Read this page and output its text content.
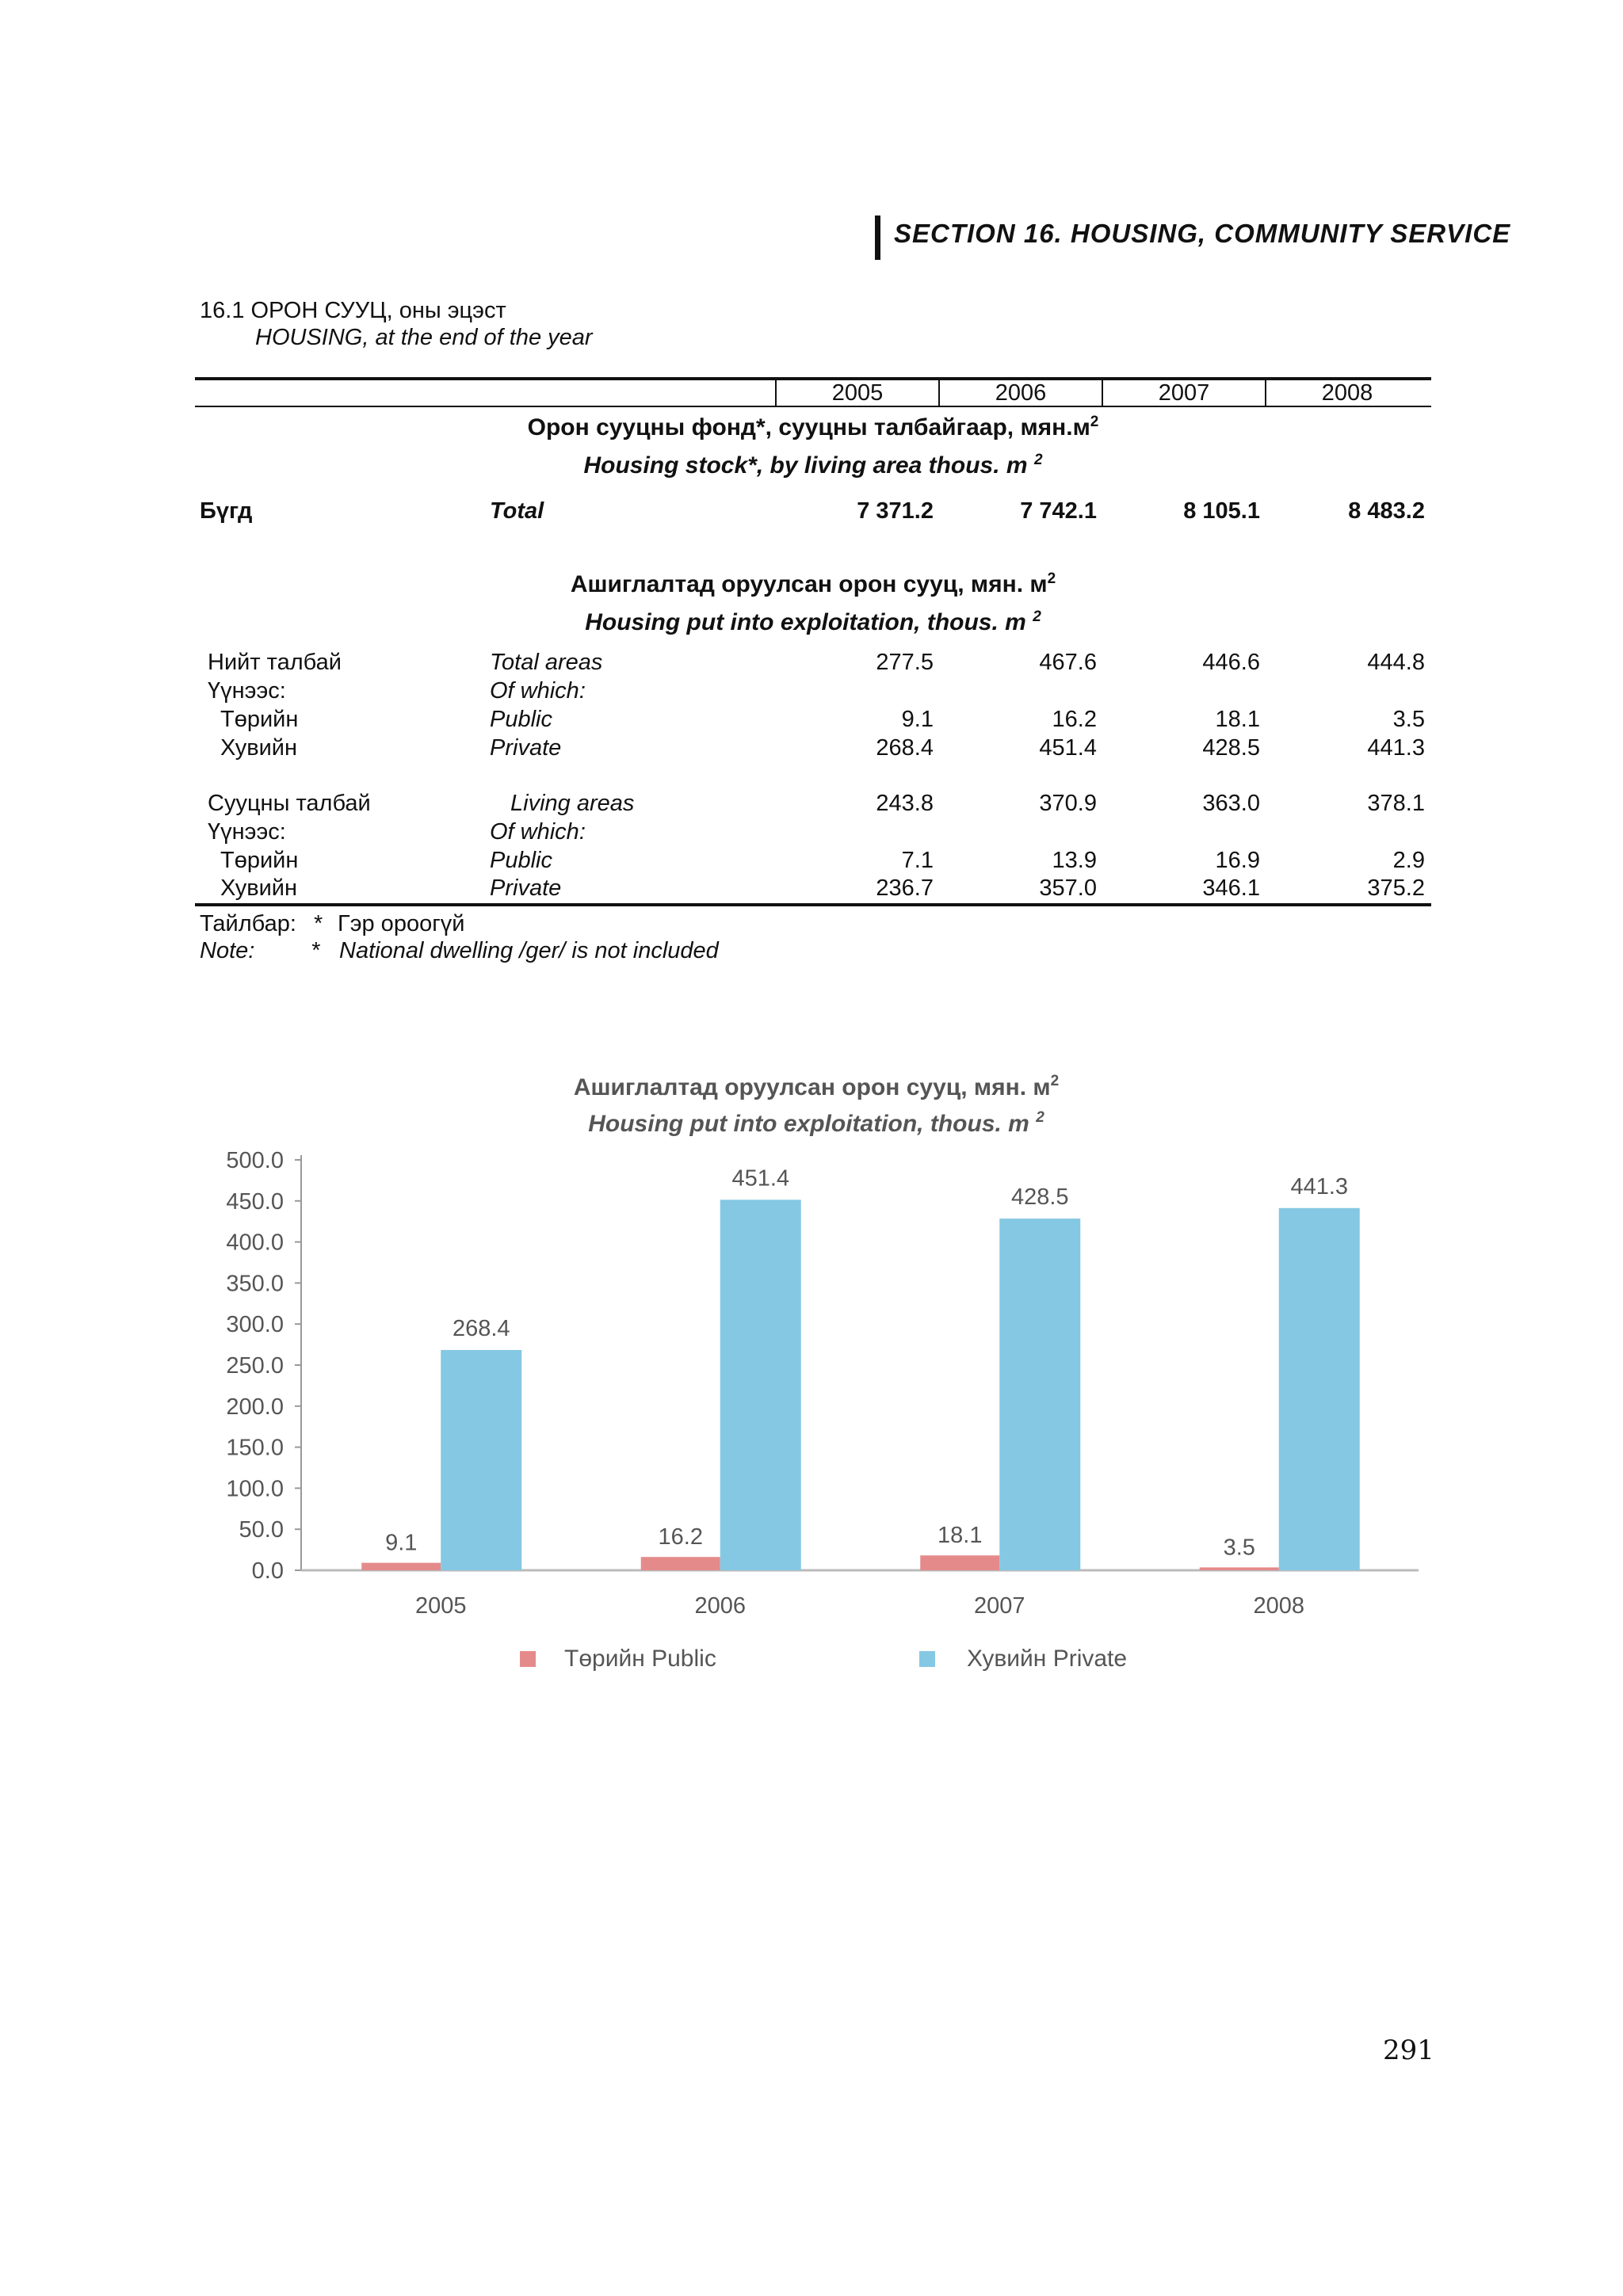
SECTION 16. HOUSING, COMMUNITY SERVICE
16.1 ОРОН СУУЦ, оны эцэст
HOUSING, at the end of the year
2005	2006	2007	2008
Орон сууцны фонд*, сууцны талбайгаар, $мян.м^2$
Housing stock*, by living area thous. m $^2$
Бүгд	Total	7 371.2	7 742.1	8 105.1	8 483.2
Ашиглалтад оруулсан орон сууц, мян. $м^2$
Housing put into exploitation, thous. m $^2$
Нийт талбай	Total areas	277.5	467.6	446.6	444.8
Үүнээс:	Of which:
Төрийн	Public	9.1	16.2	18.1	3.5
Хувийн	Private	268.4	451.4	428.5	441.3
Сууцны талбай	Living areas	243.8	370.9	363.0	378.1
Үүнээс:	Of which:
Төрийн	Public	7.1	13.9	16.9	2.9
Хувийн	Private	236.7	357.0	346.1	375.2
Тайлбар: * Гэр ороогүй
Note: * National dwelling /ger/ is not included
Ашиглалтад оруулсан орон сууц, мян. $м^2$
Housing put into exploitation, thous. m $^2$
0.0
50.0
100.0
150.0
200.0
250.0
300.0
350.0
400.0
450.0
500.0
9.1
268.4
2005
16.2
451.4
2006
18.1
428.5
2007
3.5
441.3
2008
Төрийн Public	Хувийн Private
291
